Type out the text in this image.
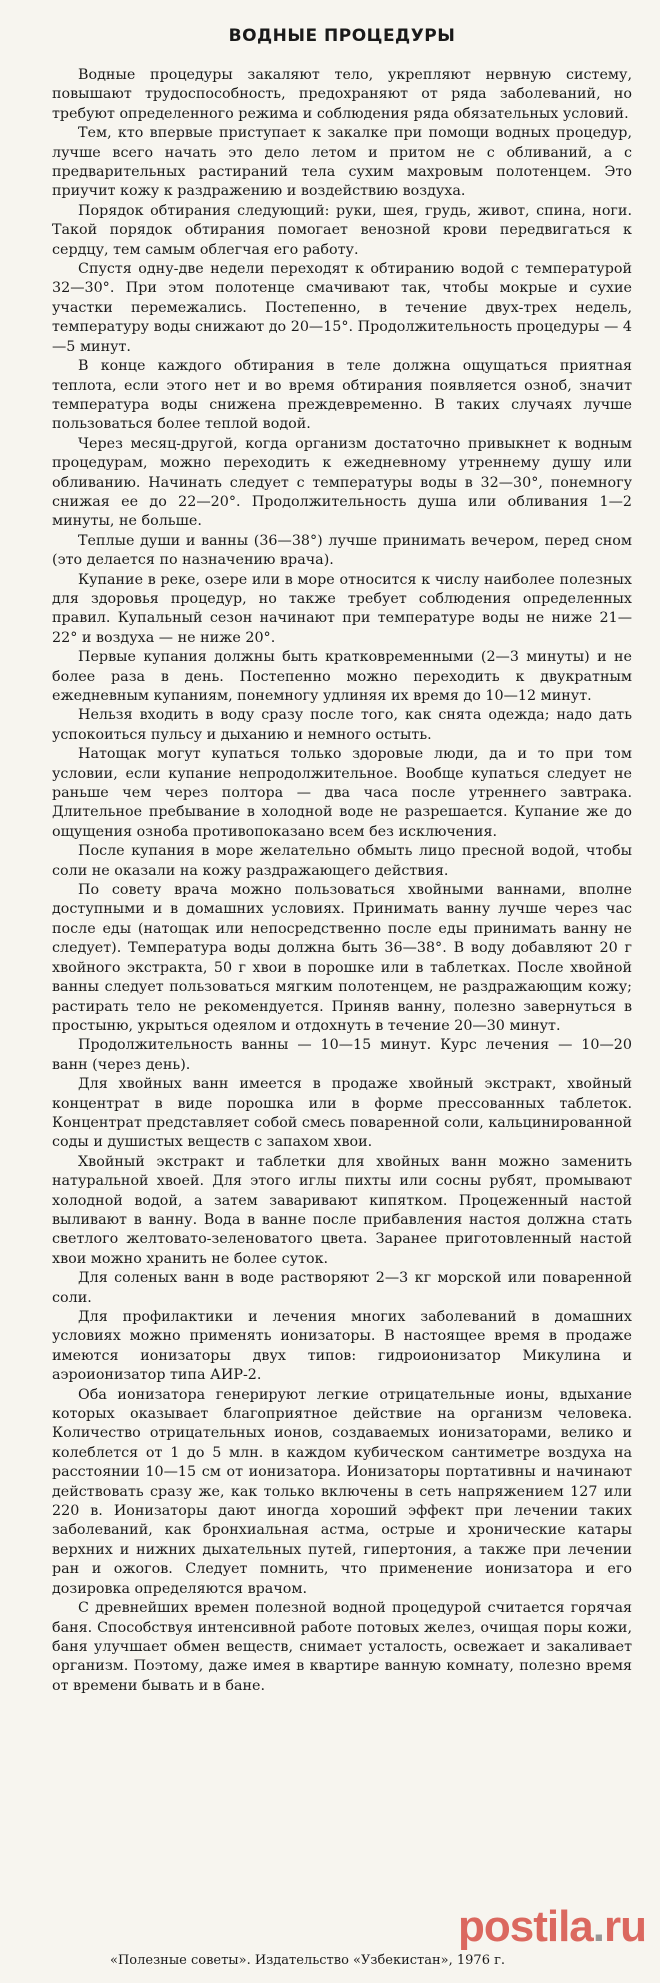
ВОДНЫЕ ПРОЦЕДУРЫ

Водные процедуры закаляют тело, укрепляют нервную систему, повышают трудоспособность, предохраняют от ряда заболеваний, но требуют определенного режима и соблюдения ряда обязательных условий.

Тем, кто впервые приступает к закалке при помощи водных процедур, лучше всего начать это дело летом и притом не с обливаний, а с предварительных растираний тела сухим махровым полотенцем. Это приучит кожу к раздражению и воздействию воздуха.

Порядок обтирания следующий: руки, шея, грудь, живот, спина, ноги. Такой порядок обтирания помогает венозной крови передвигаться к сердцу, тем самым облегчая его работу.

Спустя одну-две недели переходят к обтиранию водой с температурой 32—30°. При этом полотенце смачивают так, чтобы мокрые и сухие участки перемежались. Постепенно, в течение двух-трех недель, температуру воды снижают до 20—15°. Продолжительность процедуры — 4—5 минут.

В конце каждого обтирания в теле должна ощущаться приятная теплота, если этого нет и во время обтирания появляется озноб, значит температура воды снижена преждевременно. В таких случаях лучше пользоваться более теплой водой.

Через месяц-другой, когда организм достаточно привыкнет к водным процедурам, можно переходить к ежедневному утреннему душу или обливанию. Начинать следует с температуры воды в 32—30°, понемногу снижая ее до 22—20°. Продолжительность душа или обливания 1—2 минуты, не больше.

Теплые души и ванны (36—38°) лучше принимать вечером, перед сном (это делается по назначению врача).

Купание в реке, озере или в море относится к числу наиболее полезных для здоровья процедур, но также требует соблюдения определенных правил. Купальный сезон начинают при температуре воды не ниже 21—22° и воздуха — не ниже 20°.

Первые купания должны быть кратковременными (2—3 минуты) и не более раза в день. Постепенно можно переходить к двукратным ежедневным купаниям, понемногу удлиняя их время до 10—12 минут.

Нельзя входить в воду сразу после того, как снята одежда; надо дать успокоиться пульсу и дыханию и немного остыть.

Натощак могут купаться только здоровые люди, да и то при том условии, если купание непродолжительное. Вообще купаться следует не раньше чем через полтора — два часа после утреннего завтрака. Длительное пребывание в холодной воде не разрешается. Купание же до ощущения озноба противопоказано всем без исключения.

После купания в море желательно обмыть лицо пресной водой, чтобы соли не оказали на кожу раздражающего действия.

По совету врача можно пользоваться хвойными ваннами, вполне доступными и в домашних условиях. Принимать ванну лучше через час после еды (натощак или непосредственно после еды принимать ванну не следует). Температура воды должна быть 36—38°. В воду добавляют 20 г хвойного экстракта, 50 г хвои в порошке или в таблетках. После хвойной ванны следует пользоваться мягким полотенцем, не раздражающим кожу; растирать тело не рекомендуется. Приняв ванну, полезно завернуться в простыню, укрыться одеялом и отдохнуть в течение 20—30 минут.

Продолжительность ванны — 10—15 минут. Курс лечения — 10—20 ванн (через день).

Для хвойных ванн имеется в продаже хвойный экстракт, хвойный концентрат в виде порошка или в форме прессованных таблеток. Концентрат представляет собой смесь поваренной соли, кальцинированной соды и душистых веществ с запахом хвои.

Хвойный экстракт и таблетки для хвойных ванн можно заменить натуральной хвоей. Для этого иглы пихты или сосны рубят, промывают холодной водой, а затем заваривают кипятком. Процеженный настой выливают в ванну. Вода в ванне после прибавления настоя должна стать светлого желтовато-зеленоватого цвета. Заранее приготовленный настой хвои можно хранить не более суток.

Для соленых ванн в воде растворяют 2—3 кг морской или поваренной соли.

Для профилактики и лечения многих заболеваний в домашних условиях можно применять ионизаторы. В настоящее время в продаже имеются ионизаторы двух типов: гидроионизатор Микулина и аэроионизатор типа АИР-2.

Оба ионизатора генерируют легкие отрицательные ионы, вдыхание которых оказывает благоприятное действие на организм человека. Количество отрицательных ионов, создаваемых ионизаторами, велико и колеблется от 1 до 5 млн. в каждом кубическом сантиметре воздуха на расстоянии 10—15 см от ионизатора. Ионизаторы портативны и начинают действовать сразу же, как только включены в сеть напряжением 127 или 220 в. Ионизаторы дают иногда хороший эффект при лечении таких заболеваний, как бронхиальная астма, острые и хронические катары верхних и нижних дыхательных путей, гипертония, а также при лечении ран и ожогов. Следует помнить, что применение ионизатора и его дозировка определяются врачом.

С древнейших времен полезной водной процедурой считается горячая баня. Способствуя интенсивной работе потовых желез, очищая поры кожи, баня улучшает обмен веществ, снимает усталость, освежает и закаливает организм. Поэтому, даже имея в квартире ванную комнату, полезно время от времени бывать и в бане.

«Полезные советы». Издательство «Узбекистан», 1976 г.
postila.ru
